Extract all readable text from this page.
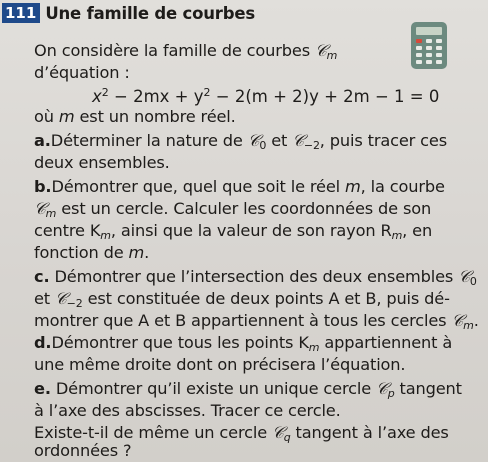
111 Une famille de courbes
On considère la famille de courbes 𝒞$_m$
d’équation :
$x^2 - 2mx + y^2 - 2(m + 2)y + 2m - 1 = 0$
où m est un nombre réel.
a.Déterminer la nature de 𝒞$_0$ et 𝒞$_{-2}$, puis tracer ces
deux ensembles.
b.Démontrer que, quel que soit le réel m, la courbe
𝒞$_m$ est un cercle. Calculer les coordonnées de son
centre $K_m$, ainsi que la valeur de son rayon $R_m$, en
fonction de m.
c. Démontrer que l’intersection des deux ensembles 𝒞$_0$
et 𝒞$_{-2}$ est constituée de deux points A et B, puis dé-
montrer que A et B appartiennent à tous les cercles 𝒞$_m$.
d.Démontrer que tous les points $K_m$ appartiennent à
une même droite dont on précisera l’équation.
e. Démontrer qu’il existe un unique cercle 𝒞$_p$ tangent
à l’axe des abscisses. Tracer ce cercle.
Existe-t-il de même un cercle 𝒞$_q$ tangent à l’axe des
ordonnées ?
